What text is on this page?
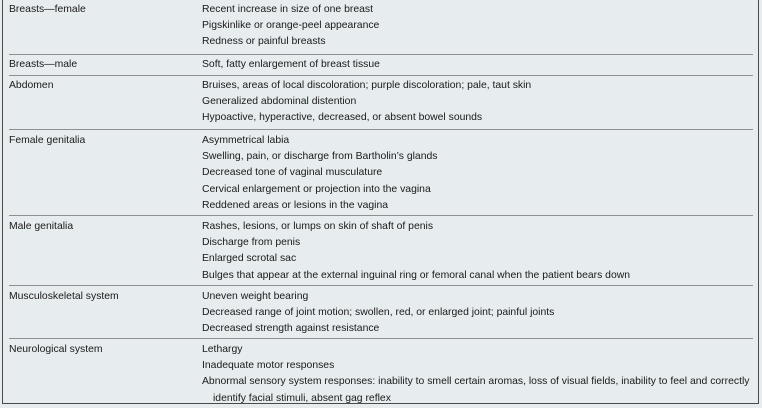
Breasts—female	Recent increase in size of one breast
Pigskinlike or orange-peel appearance
Redness or painful breasts
Breasts—male	Soft, fatty enlargement of breast tissue
Abdomen	Bruises, areas of local discoloration; purple discoloration; pale, taut skin
Generalized abdominal distention
Hypoactive, hyperactive, decreased, or absent bowel sounds
Female genitalia	Asymmetrical labia
Swelling, pain, or discharge from Bartholin’s glands
Decreased tone of vaginal musculature
Cervical enlargement or projection into the vagina
Reddened areas or lesions in the vagina
Male genitalia	Rashes, lesions, or lumps on skin of shaft of penis
Discharge from penis
Enlarged scrotal sac
Bulges that appear at the external inguinal ring or femoral canal when the patient bears down
Musculoskeletal system	Uneven weight bearing
Decreased range of joint motion; swollen, red, or enlarged joint; painful joints
Decreased strength against resistance
Neurological system	Lethargy
Inadequate motor responses
Abnormal sensory system responses: inability to smell certain aromas, loss of visual fields, inability to feel and correctly identify facial stimuli, absent gag reflex
